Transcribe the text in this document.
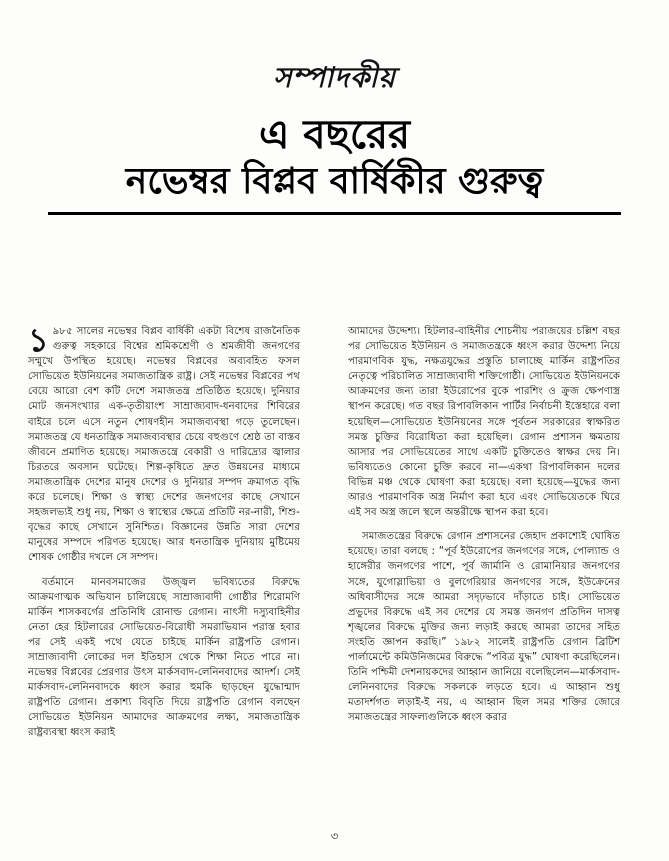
সম্পাদকীয়
এ বছরের
নভেম্বর বিপ্লব বার্ষিকীর গুরুত্ব

১ ৯৮৫ সালের নভেম্বর বিপ্লব বার্ষিকী একটা বিশেষ রাজনৈতিক গুরুত্ব সহকারে বিশ্বের শ্রমিকশ্রেণী ও শ্রমজীবী জনগণের সম্মুখে উপস্থিত হয়েছে। নভেম্বর বিপ্লবের অব্যবহিত ফসল সোভিয়েত ইউনিয়নের সমাজতান্ত্রিক রাষ্ট্র। সেই নভেম্বর বিপ্লবের পথ বেয়ে আরো বেশ কটি দেশে সমাজতন্ত্র প্রতিষ্ঠিত হয়েছে। দুনিয়ার মোট জনসংখ্যার এক-তৃতীয়াংশ সাম্রাজ্যবাদ-ধনবাদের শিবিরের বাইরে চলে এসে নতুন শোষণহীন সমাজব্যবস্থা গড়ে তুলেছেন। সমাজতন্ত্র যে ধনতান্ত্রিক সমাজব্যবস্থার চেয়ে বহুগুণে শ্রেষ্ঠ তা বাস্তব জীবনে প্রমাণিত হয়েছে। সমাজতন্ত্রে বেকারী ও দারিদ্র্যের জ্বালার চিরতরে অবসান ঘটেছে। শিল্প-কৃষিতে দ্রুত উন্নয়নের মাধ্যমে সমাজতান্ত্রিক দেশের মানুষ দেশের ও দুনিয়ার সম্পদ ক্রমাগত বৃদ্ধি করে চলেছে। শিক্ষা ও স্বাস্থ্য দেশের জনগণের কাছে সেখানে সহজলভ্যই শুধু নয়, শিক্ষা ও স্বাস্থ্যের ক্ষেত্রে প্রতিটি নর-নারী, শিশু-বৃদ্ধের কাছে সেখানে সুনিশ্চিত। বিজ্ঞানের উন্নতি সারা দেশের মানুষের সম্পদে পরিণত হয়েছে। আর ধনতান্ত্রিক দুনিয়ায় মুষ্টিমেয় শোষক গোষ্ঠীর দখলে সে সম্পদ।

বর্তমানে মানবসমাজের উজ্জ্বল ভবিষ্যতের বিরুদ্ধে আক্রমণাত্মক অভিযান চালিয়েছে সাম্রাজ্যবাদী গোষ্ঠীর শিরোমণি মার্কিন শাসকবর্গের প্রতিনিধি রোনাল্ড রেগান। নাৎসী দস্যুবাহিনীর নেতা হের হিটলারের সোভিয়েত-বিরোধী সমরাভিযান পরাস্ত হবার পর সেই একই পথে যেতে চাইছে মার্কিন রাষ্ট্রপতি রেগান। সাম্রাজ্যবাদী লোকের দল ইতিহাস থেকে শিক্ষা নিতে পারে না। নভেম্বর বিপ্লবের প্রেরণার উৎস মার্কসবাদ-লেনিনবাদের আদর্শ। সেই মার্কসবাদ-লেনিনবাদকে ধ্বংস করার হুমকি ছাড়ছেন যুদ্ধোন্মাদ রাষ্ট্রপতি রেগান। প্রকাশ্য বিবৃতি দিয়ে রাষ্ট্রপতি রেগান বলছেন সোভিয়েত ইউনিয়ন আমাদের আক্রমণের লক্ষ্য, সমাজতান্ত্রিক রাষ্ট্রব্যবস্থা ধ্বংস করাই

আমাদের উদ্দেশ্য। হিটলার-বাহিনীর শোচনীয় পরাজয়ের চল্লিশ বছর পর সোভিয়েত ইউনিয়ন ও সমাজতন্ত্রকে ধ্বংস করার উদ্দেশ্য নিয়ে পারমাণবিক যুদ্ধ, নক্ষত্রযুদ্ধের প্রস্তুতি চালাচ্ছে মার্কিন রাষ্ট্রপতির নেতৃত্বে পরিচালিত সাম্রাজ্যবাদী শক্তিগোষ্ঠী। সোভিয়েত ইউনিয়নকে আক্রমণের জন্য তারা ইউরোপের বুকে পারশিং ও ক্রুজ ক্ষেপণাস্ত্র স্থাপন করেছে। গত বছর রিপাবলিকান পার্টির নির্বাচনী ইস্তেহারে বলা হয়েছিল—সোভিয়েত ইউনিয়নের সঙ্গে পূর্বতন সরকারের স্বাক্ষরিত সমস্ত চুক্তির বিরোধিতা করা হয়েছিল। রেগান প্রশাসন ক্ষমতায় আসার পর সোভিয়েতের সাথে একটি চুক্তিতেও স্বাক্ষর দেয় নি। ভবিষ্যতেও কোনো চুক্তি করবে না—একথা রিপাবলিকান দলের বিভিন্ন মঞ্চ থেকে ঘোষণা করা হয়েছে। বলা হয়েছে—যুদ্ধের জন্য আরও পারমাণবিক অস্ত্র নির্মাণ করা হবে এবং সোভিয়েতকে ঘিরে এই সব অস্ত্র জলে স্থলে অন্তরীক্ষে স্থাপন করা হবে।

সমাজতন্ত্রের বিরুদ্ধে রেগান প্রশাসনের জেহাদ প্রকাশ্যেই ঘোষিত হয়েছে। তারা বলছে : “পূর্ব ইউরোপের জনগণের সঙ্গে, পোল্যান্ড ও হাঙ্গেরীর জনগণের পাশে, পূর্ব জার্মানি ও রোমানিয়ার জনগণের সঙ্গে, যুগোস্লাভিয়া ও বুলগেরিয়ার জনগণের সঙ্গে, ইউক্রেনের অধিবাসীদের সঙ্গে আমরা সদৃঢ়ভাবে দাঁড়াতে চাই। সোভিয়েত প্রভুদের বিরুদ্ধে এই সব দেশের যে সমস্ত জনগণ প্রতিদিন দাসত্ব শৃঙ্খলের বিরুদ্ধে মুক্তির জন্য লড়াই করছে আমরা তাদের সহিত সংহতি জ্ঞাপন করছি।” ১৯৮২ সালেই রাষ্ট্রপতি রেগান ব্রিটিশ পার্লামেন্টে কমিউনিজমের বিরুদ্ধে “পবিত্র যুদ্ধ” ঘোষণা করেছিলেন। তিনি পশ্চিমী দেশনায়কদের আহ্বান জানিয়ে বলেছিলেন—মার্কসবাদ-লেনিনবাদের বিরুদ্ধে সকলকে লড়তে হবে। এ আহ্বান শুধু মতাদর্শগত লড়াই-ই নয়, এ আহ্বান ছিল সমর শক্তির জোরে সমাজতন্ত্রের সাফল্যগুলিকে ধ্বংস করার

৩
